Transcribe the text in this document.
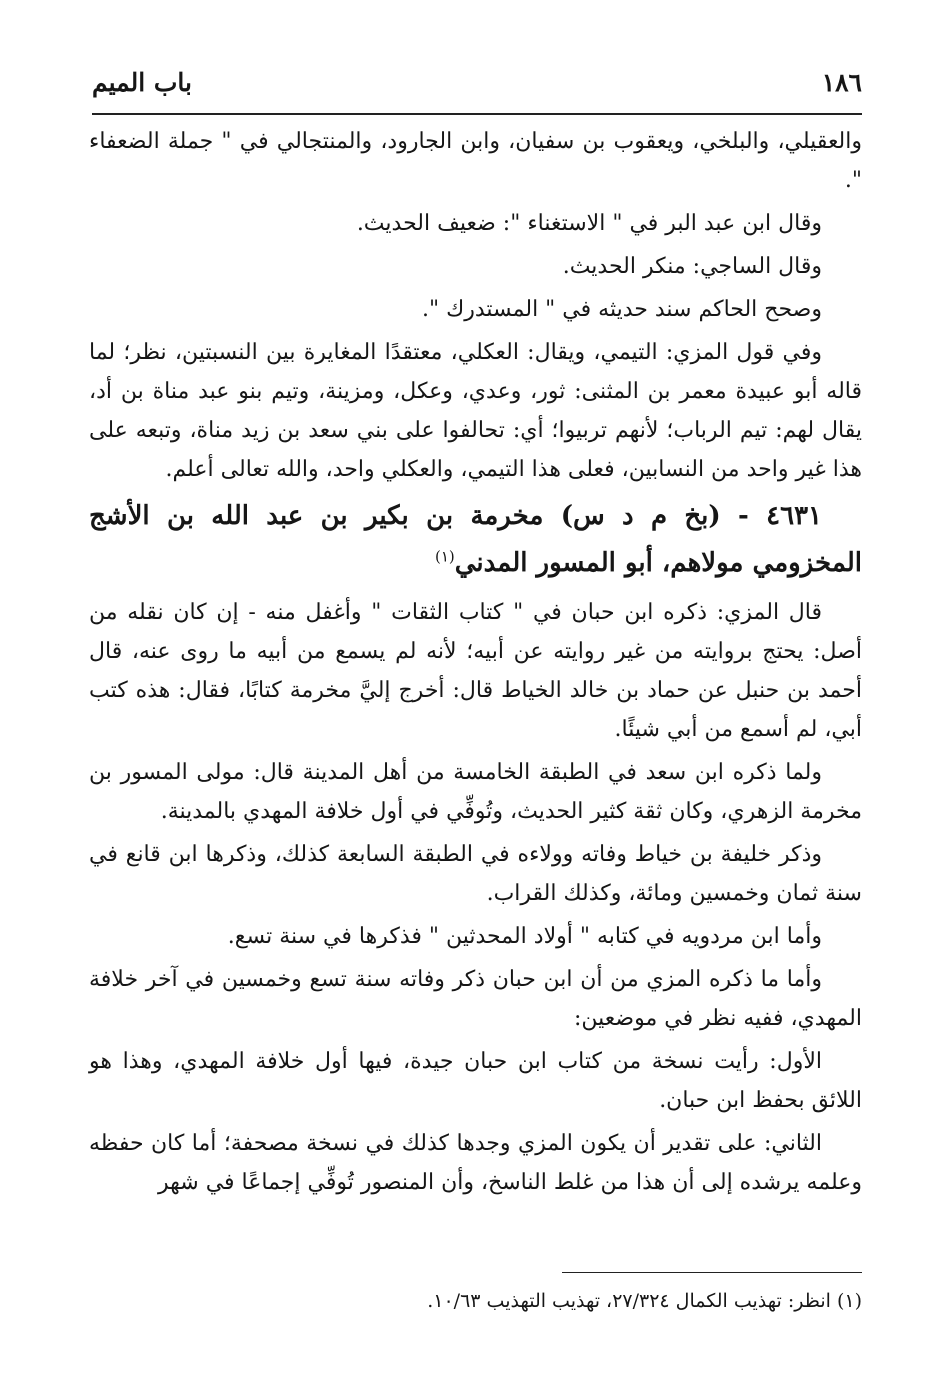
١٨٦
باب الميم

والعقيلي، والبلخي، ويعقوب بن سفيان، وابن الجارود، والمنتجالي في " جملة الضعفاء ".

وقال ابن عبد البر في " الاستغناء ": ضعيف الحديث.

وقال الساجي: منكر الحديث.

وصحح الحاكم سند حديثه في " المستدرك ".

وفي قول المزي: التيمي، ويقال: العكلي، معتقدًا المغايرة بين النسبتين، نظر؛ لما قاله أبو عبيدة معمر بن المثنى: ثور، وعدي، وعكل، ومزينة، وتيم بنو عبد مناة بن أد، يقال لهم: تيم الرباب؛ لأنهم تربيوا؛ أي: تحالفوا على بني سعد بن زيد مناة، وتبعه على هذا غير واحد من النسابين، فعلى هذا التيمي، والعكلي واحد، والله تعالى أعلم.

٤٦٣١ - (بخ م د س) مخرمة بن بكير بن عبد الله بن الأشج المخزومي مولاهم، أبو المسور المدني$^{(١)}$

قال المزي: ذكره ابن حبان في " كتاب الثقات " وأغفل منه - إن كان نقله من أصل: يحتج بروايته من غير روايته عن أبيه؛ لأنه لم يسمع من أبيه ما روى عنه، قال أحمد بن حنبل عن حماد بن خالد الخياط قال: أخرج إليَّ مخرمة كتابًا، فقال: هذه كتب أبي، لم أسمع من أبي شيئًا.

ولما ذكره ابن سعد في الطبقة الخامسة من أهل المدينة قال: مولى المسور بن مخرمة الزهري، وكان ثقة كثير الحديث، وتُوفِّي في أول خلافة المهدي بالمدينة.

وذكر خليفة بن خياط وفاته وولاءه في الطبقة السابعة كذلك، وذكرها ابن قانع في سنة ثمان وخمسين ومائة، وكذلك القراب.

وأما ابن مردويه في كتابه " أولاد المحدثين " فذكرها في سنة تسع.

وأما ما ذكره المزي من أن ابن حبان ذكر وفاته سنة تسع وخمسين في آخر خلافة المهدي، ففيه نظر في موضعين:

الأول: رأيت نسخة من كتاب ابن حبان جيدة، فيها أول خلافة المهدي، وهذا هو اللائق بحفظ ابن حبان.

الثاني: على تقدير أن يكون المزي وجدها كذلك في نسخة مصحفة؛ أما كان حفظه وعلمه يرشده إلى أن هذا من غلط الناسخ، وأن المنصور تُوفِّي إجماعًا في شهر

(١) انظر: تهذيب الكمال ٢٧/٣٢٤، تهذيب التهذيب ١٠/٦٣.
